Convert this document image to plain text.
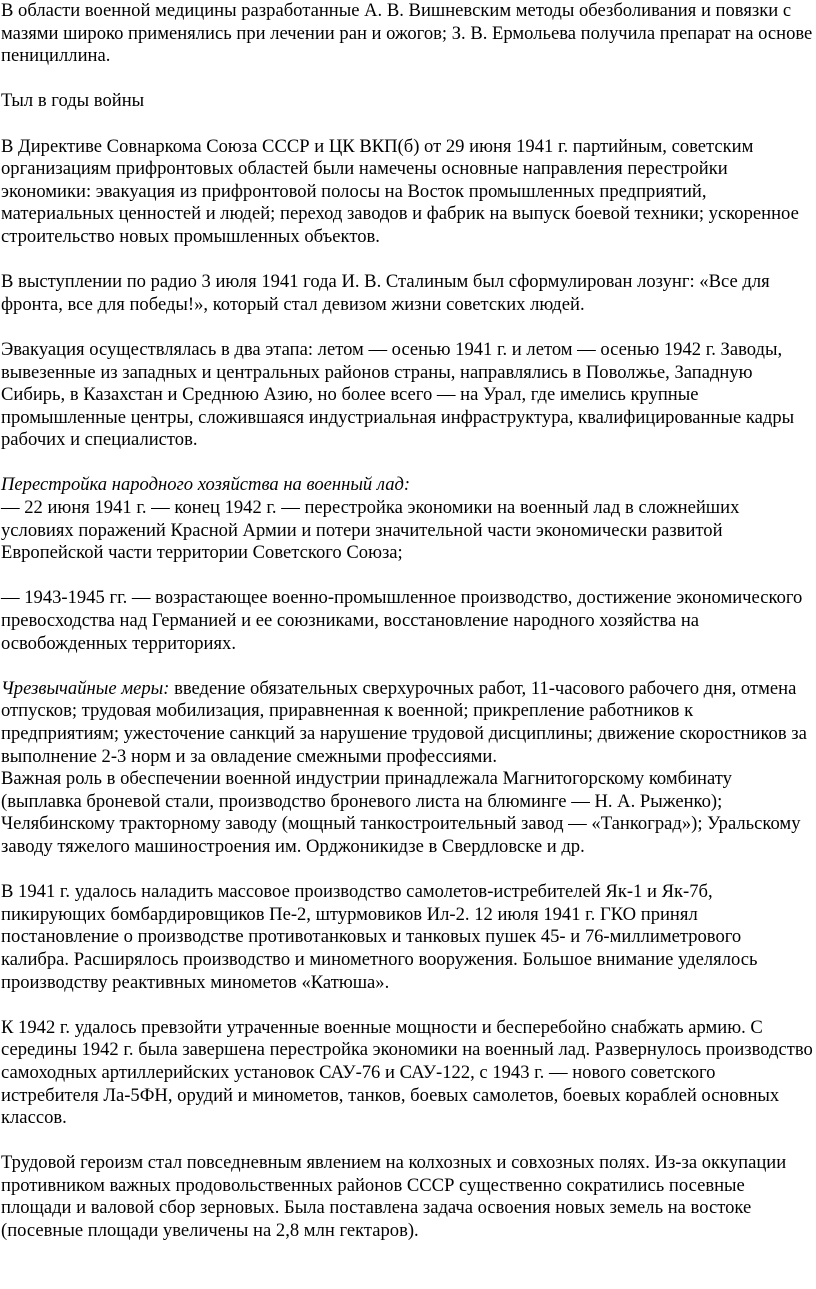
В области военной медицины разработанные А. В. Вишневским методы обезболивания и повязки с мазями широко применялись при лечении ран и ожогов; З. В. Ермольева получила препарат на основе пенициллина.

Тыл в годы войны

В Директиве Совнаркома Союза СССР и ЦК ВКП(б) от 29 июня 1941 г. партийным, советским организациям прифронтовых областей были намечены основные направления перестройки экономики: эвакуация из прифронтовой полосы на Восток промышленных предприятий, материальных ценностей и людей; переход заводов и фабрик на выпуск боевой техники; ускоренное строительство новых промышленных объектов.

В выступлении по радио 3 июля 1941 года И. В. Сталиным был сформулирован лозунг: «Все для фронта, все для победы!», который стал девизом жизни советских людей.

Эвакуация осуществлялась в два этапа: летом — осенью 1941 г. и летом — осенью 1942 г. Заводы, вывезенные из западных и центральных районов страны, направлялись в Поволжье, Западную Сибирь, в Казахстан и Среднюю Азию, но более всего — на Урал, где имелись крупные промышленные центры, сложившаяся индустриальная инфраструктура, квалифицированные кадры рабочих и специалистов.

Перестройка народного хозяйства на военный лад:
— 22 июня 1941 г. — конец 1942 г. — перестройка экономики на военный лад в сложнейших условиях поражений Красной Армии и потери значительной части экономически развитой Европейской части территории Советского Союза;

— 1943-1945 гг. — возрастающее военно-промышленное производство, достижение экономического превосходства над Германией и ее союзниками, восстановление народного хозяйства на освобожденных территориях.

Чрезвычайные меры: введение обязательных сверхурочных работ, 11-часового рабочего дня, отмена отпусков; трудовая мобилизация, приравненная к военной; прикрепление работников к предприятиям; ужесточение санкций за нарушение трудовой дисциплины; движение скоростников за выполнение 2-3 норм и за овладение смежными профессиями.

Важная роль в обеспечении военной индустрии принадлежала Магнитогорскому комбинату (выплавка броневой стали, производство броневого листа на блюминге — Н. А. Рыженко); Челябинскому тракторному заводу (мощный танкостроительный завод — «Танкоград»); Уральскому заводу тяжелого машиностроения им. Орджоникидзе в Свердловске и др.

В 1941 г. удалось наладить массовое производство самолетов-истребителей Як-1 и Як-7б, пикирующих бомбардировщиков Пе-2, штурмовиков Ил-2. 12 июля 1941 г. ГКО принял постановление о производстве противотанковых и танковых пушек 45- и 76-миллиметрового калибра. Расширялось производство и минометного вооружения. Большое внимание уделялось производству реактивных минометов «Катюша».

К 1942 г. удалось превзойти утраченные военные мощности и бесперебойно снабжать армию. С середины 1942 г. была завершена перестройка экономики на военный лад. Развернулось производство самоходных артиллерийских установок САУ-76 и САУ-122, с 1943 г. — нового советского истребителя Ла-5ФН, орудий и минометов, танков, боевых самолетов, боевых кораблей основных классов.

Трудовой героизм стал повседневным явлением на колхозных и совхозных полях. Из-за оккупации противником важных продовольственных районов СССР существенно сократились посевные площади и валовой сбор зерновых. Была поставлена задача освоения новых земель на востоке (посевные площади увеличены на 2,8 млн гектаров).
